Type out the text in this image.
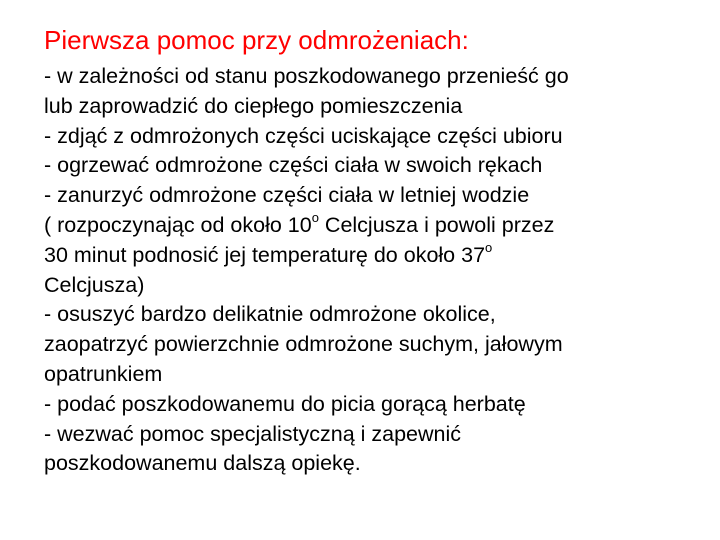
Pierwsza pomoc przy odmrożeniach:
- w zależności od stanu poszkodowanego przenieść go
lub zaprowadzić do ciepłego pomieszczenia
- zdjąć z odmrożonych części uciskające części ubioru
- ogrzewać odmrożone części ciała w swoich rękach
- zanurzyć odmrożone części ciała w letniej wodzie
( rozpoczynając od około 10$^o$ Celcjusza i powoli przez
30 minut podnosić jej temperaturę do około 37$^o$
Celcjusza)
- osuszyć bardzo delikatnie odmrożone okolice,
zaopatrzyć powierzchnie odmrożone suchym, jałowym
opatrunkiem
- podać poszkodowanemu do picia gorącą herbatę
- wezwać pomoc specjalistyczną i zapewnić
poszkodowanemu dalszą opiekę.
